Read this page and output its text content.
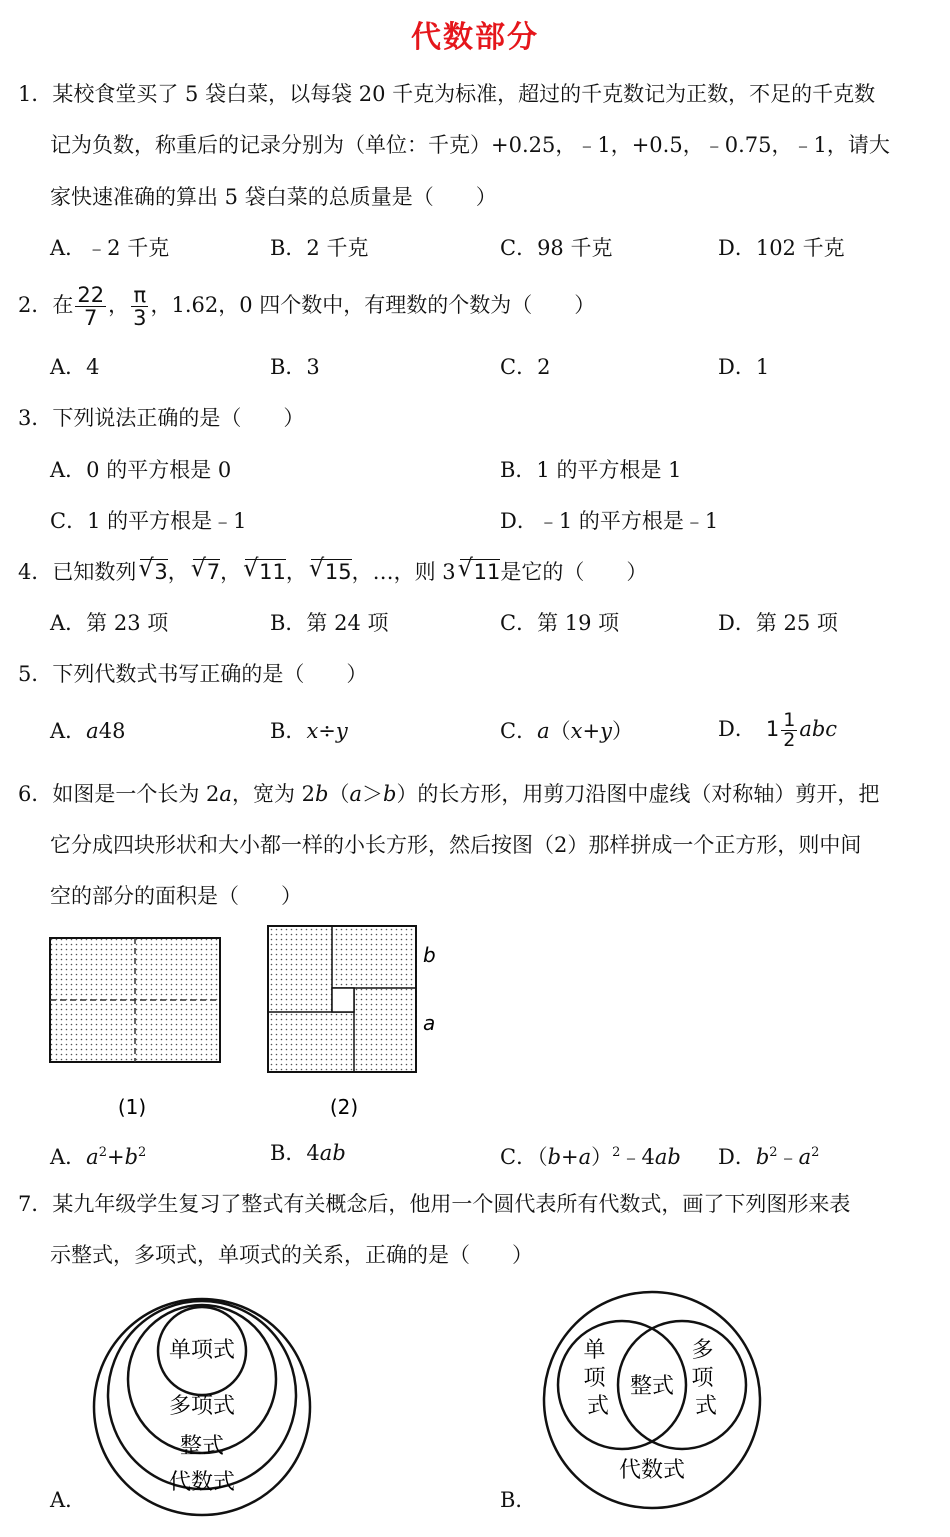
代数部分
1．某校食堂买了 5 袋白菜，以每袋 20 千克为标准，超过的千克数记为正数，不足的千克数
记为负数，称重后的记录分别为（单位：千克）+0.25，﹣1，+0.5，﹣0.75，﹣1，请大
家快速准确的算出 5 袋白菜的总质量是（　　）
A．﹣2 千克	B．2 千克	C．98 千克	D．102 千克
2．在 $\frac{22}{7}$ ， $\frac{\pi}{3}$ ，1.62，0 四个数中，有理数的个数为（　　）
A．4	B．3	C．2	D．1
3．下列说法正确的是（　　）
A．0 的平方根是 0	B．1 的平方根是 1
C．1 的平方根是﹣1	D．﹣1 的平方根是﹣1
4．已知数列 √ 3， √ 7， √ 11， √ 15，…，则 3 √ 11是它的（　　）
A．第 23 项	B．第 24 项	C．第 19 项	D．第 25 项
5．下列代数式书写正确的是（　　）
A．a48	B．x÷y	C．a（x+y）	D． $1 \frac{1}{2}$ abc
6．如图是一个长为 2a，宽为 2b（a＞b）的长方形，用剪刀沿图中虚线（对称轴）剪开，把
它分成四块形状和大小都一样的小长方形，然后按图（2）那样拼成一个正方形，则中间
空的部分的面积是（　　）
(1)
b
a
(2)
A．$a^2+b^2$	B．4ab	C．$(b+a)^2﹣4ab$ D．$b^2﹣a^2$
7．某九年级学生复习了整式有关概念后，他用一个圆代表所有代数式，画了下列图形来表
示整式，多项式，单项式的关系，正确的是（　　）
单项式
多项式
整式
代数式
A．
整式
代数式
单 项 式
多 项 式
B．
